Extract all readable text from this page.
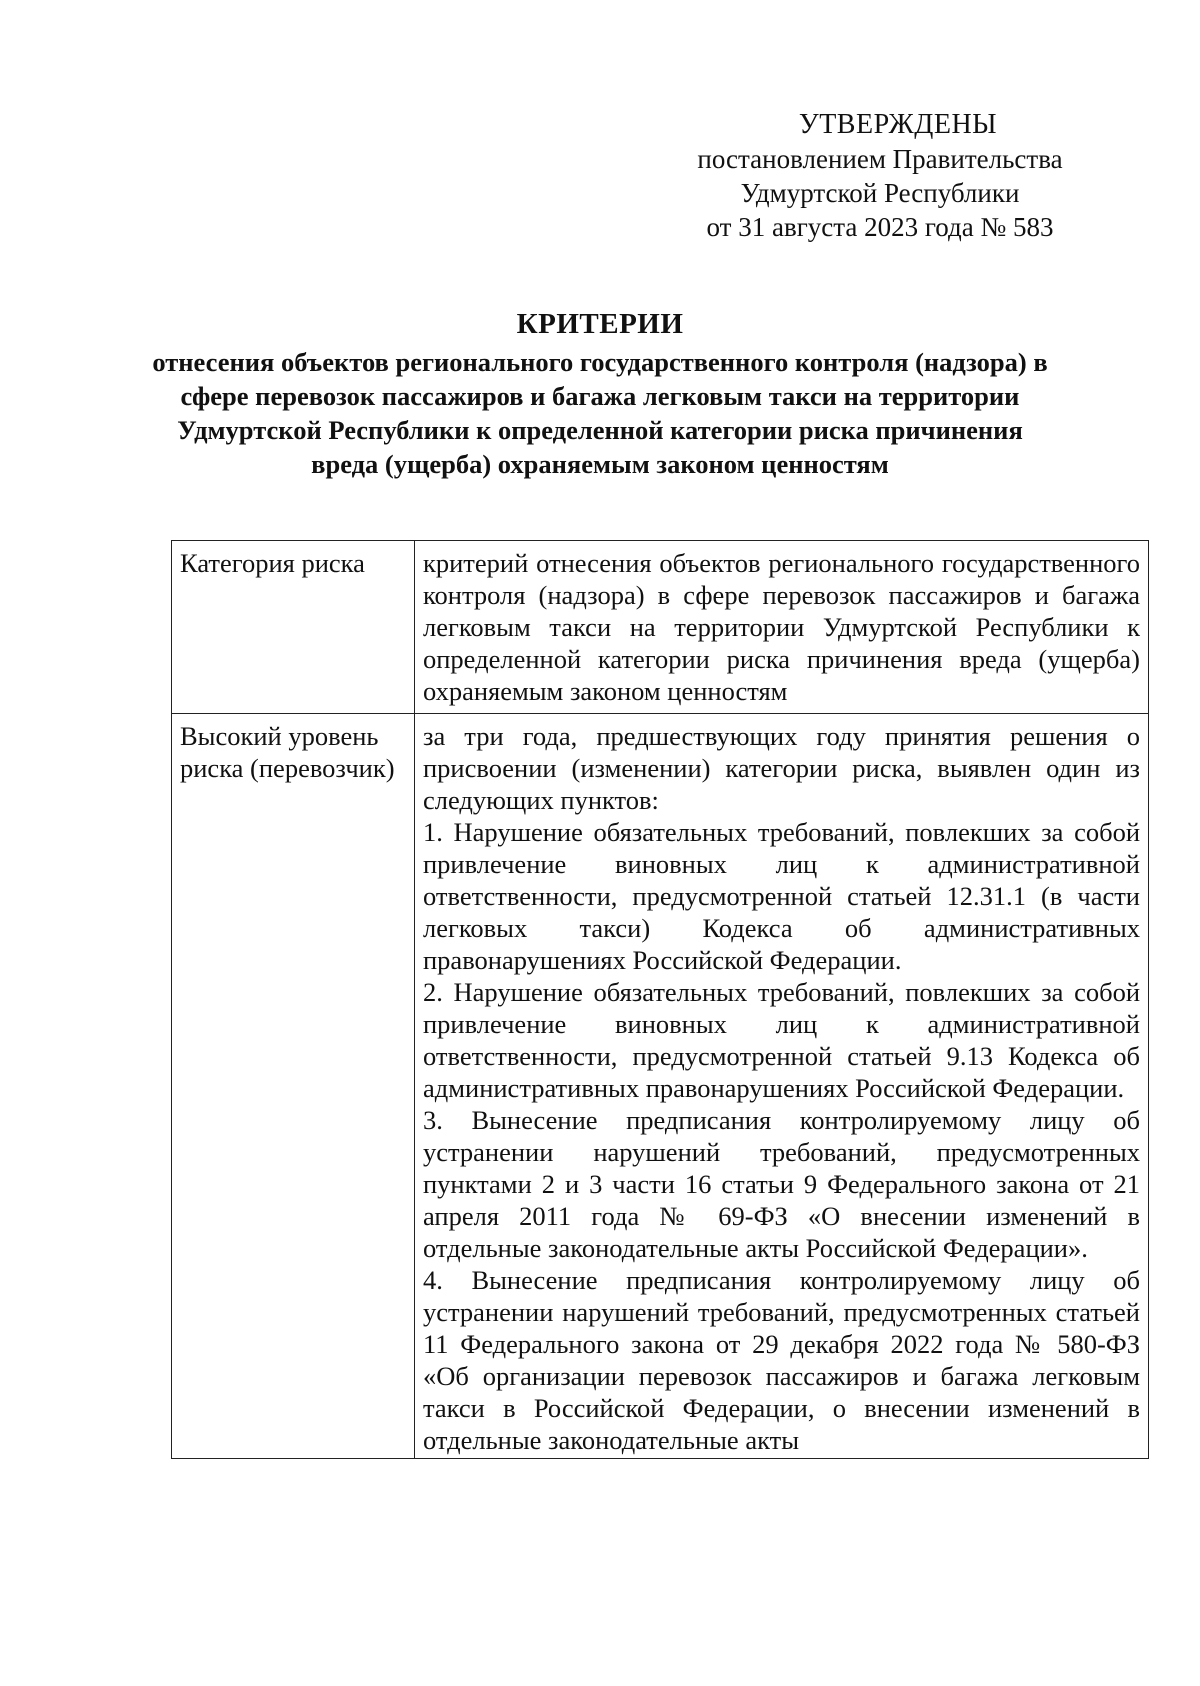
УТВЕРЖДЕНЫ
постановлением Правительства
Удмуртской Республики
от 31 августа 2023 года № 583
КРИТЕРИИ
отнесения объектов регионального государственного контроля (надзора) в сфере перевозок пассажиров и багажа легковым такси на территории Удмуртской Республики к определенной категории риска причинения вреда (ущерба) охраняемым законом ценностям
Категория риска	критерий отнесения объектов регионального государственного контроля (надзора) в сфере перевозок пассажиров и багажа легковым такси на территории Удмуртской Республики к определенной категории риска причинения вреда (ущерба) охраняемым законом ценностям
Высокий уровень риска (перевозчик)	за три года, предшествующих году принятия решения о присвоении (изменении) категории риска, выявлен один из следующих пунктов:
1. Нарушение обязательных требований, повлекших за собой привлечение виновных лиц к административной ответственности, предусмотренной статьей 12.31.1 (в части легковых такси) Кодекса об административных правонарушениях Российской Федерации.
2. Нарушение обязательных требований, повлекших за собой привлечение виновных лиц к административной ответственности, предусмотренной статьей 9.13 Кодекса об административных правонарушениях Российской Федерации.
3. Вынесение предписания контролируемому лицу об устранении нарушений требований, предусмотренных пунктами 2 и 3 части 16 статьи 9 Федерального закона от 21 апреля 2011 года № 69-ФЗ «О внесении изменений в отдельные законодательные акты Российской Федерации».
4. Вынесение предписания контролируемому лицу об устранении нарушений требований, предусмотренных статьей 11 Федерального закона от 29 декабря 2022 года № 580-ФЗ «Об организации перевозок пассажиров и багажа легковым такси в Российской Федерации, о внесении изменений в отдельные законодательные акты
